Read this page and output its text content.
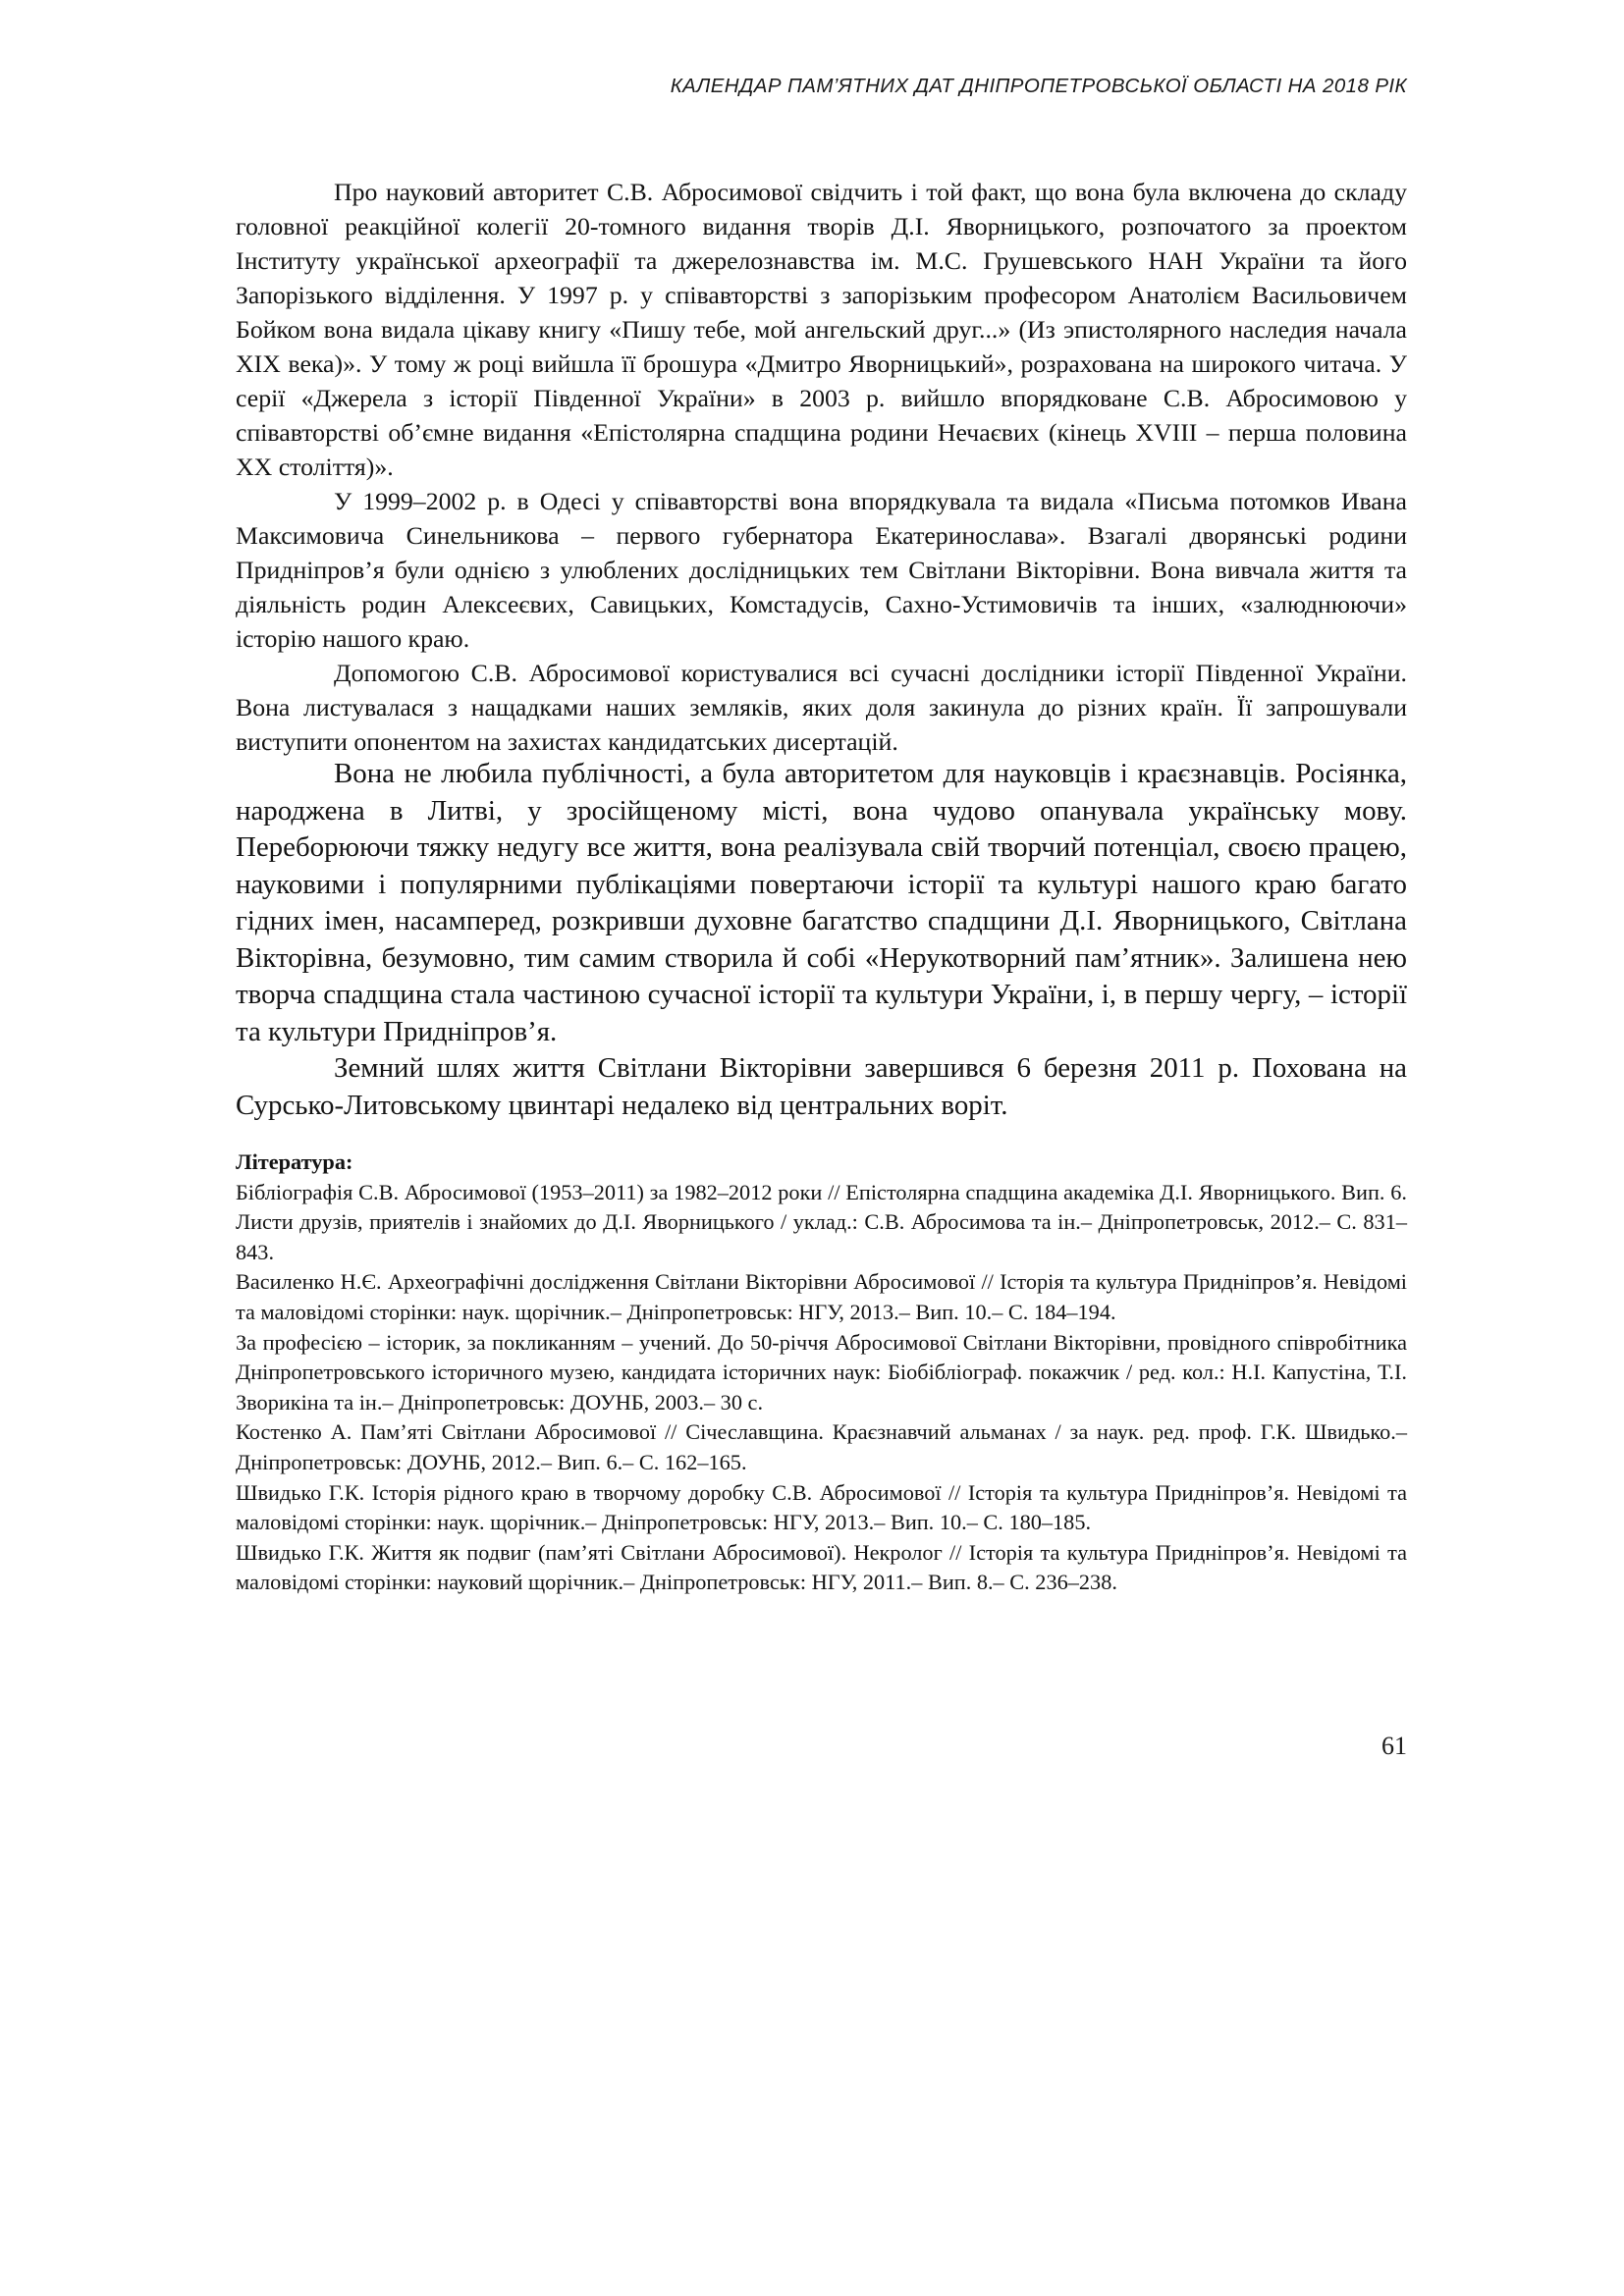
КАЛЕНДАР ПАМ’ЯТНИХ ДАТ ДНІПРОПЕТРОВСЬКОЇ ОБЛАСТІ НА 2018 РІК

Про науковий авторитет С.В. Абросимової свідчить і той факт, що вона була включена до складу головної реакційної колегії 20-томного видання творів Д.І. Яворницького, розпочатого за проектом Інституту української археографії та джерелознавства ім. М.С. Грушевського НАН України та його Запорізького відділення. У 1997 р. у співавторстві з запорізьким професором Анатолієм Васильовичем Бойком вона видала цікаву книгу «Пишу тебе, мой ангельский друг...» (Из эпистолярного наследия начала XIX века)». У тому ж році вийшла її брошура «Дмитро Яворницький», розрахована на широкого читача. У серії «Джерела з історії Південної України» в 2003 р. вийшло впорядковане С.В. Абросимовою у співавторстві об’ємне видання «Епістолярна спадщина родини Нечаєвих (кінець XVIII – перша половина XX століття)».

У 1999–2002 р. в Одесі у співавторстві вона впорядкувала та видала «Письма потомков Ивана Максимовича Синельникова – первого губернатора Екатеринослава». Взагалі дворянські родини Придніпров’я були однією з улюблених дослідницьких тем Світлани Вікторівни. Вона вивчала життя та діяльність родин Алексеєвих, Савицьких, Комстадусів, Сахно-Устимовичів та інших, «залюднюючи» історію нашого краю.

Допомогою С.В. Абросимової користувалися всі сучасні дослідники історії Південної України. Вона листувалася з нащадками наших земляків, яких доля закинула до різних країн. Її запрошували виступити опонентом на захистах кандидатських дисертацій.

Вона не любила публічності, а була авторитетом для науковців і краєзнавців. Росіянка, народжена в Литві, у зросійщеному місті, вона чудово опанувала українську мову. Переборюючи тяжку недугу все життя, вона реалізувала свій творчий потенціал, своєю працею, науковими і популярними публікаціями повертаючи історії та культурі нашого краю багато гідних імен, насамперед, розкривши духовне багатство спадщини Д.І. Яворницького, Світлана Вікторівна, безумовно, тим самим створила й собі «Нерукотворний пам’ятник». Залишена нею творча спадщина стала частиною сучасної історії та культури України, і, в першу чергу, – історії та культури Придніпров’я.

Земний шлях життя Світлани Вікторівни завершився 6 березня 2011 р. Похована на Сурсько-Литовському цвинтарі недалеко від центральних воріт.

Література:

Бібліографія С.В. Абросимової (1953–2011) за 1982–2012 роки // Епістолярна спадщина академіка Д.І. Яворницького. Вип. 6. Листи друзів, приятелів і знайомих до Д.І. Яворницького / уклад.: С.В. Абросимова та ін.– Дніпропетровськ, 2012.– С. 831–843.

Василенко Н.Є. Археографічні дослідження Світлани Вікторівни Абросимової // Історія та культура Придніпров’я. Невідомі та маловідомі сторінки: наук. щорічник.– Дніпропетровськ: НГУ, 2013.– Вип. 10.– С. 184–194.

За професією – історик, за покликанням – учений. До 50-річчя Абросимової Світлани Вікторівни, провідного співробітника Дніпропетровського історичного музею, кандидата історичних наук: Біобібліограф. покажчик / ред. кол.: Н.І. Капустіна, Т.І. Зворикіна та ін.– Дніпропетровськ: ДОУНБ, 2003.– 30 с.

Костенко А. Пам’яті Світлани Абросимової // Січеславщина. Краєзнавчий альманах / за наук. ред. проф. Г.К. Швидько.– Дніпропетровськ: ДОУНБ, 2012.– Вип. 6.– С. 162–165.

Швидько Г.К. Історія рідного краю в творчому доробку С.В. Абросимової // Історія та культура Придніпров’я. Невідомі та маловідомі сторінки: наук. щорічник.– Дніпропетровськ: НГУ, 2013.– Вип. 10.– С. 180–185.

Швидько Г.К. Життя як подвиг (пам’яті Світлани Абросимової). Некролог // Історія та культура Придніпров’я. Невідомі та маловідомі сторінки: науковий щорічник.– Дніпропетровськ: НГУ, 2011.– Вип. 8.– С. 236–238.

61
